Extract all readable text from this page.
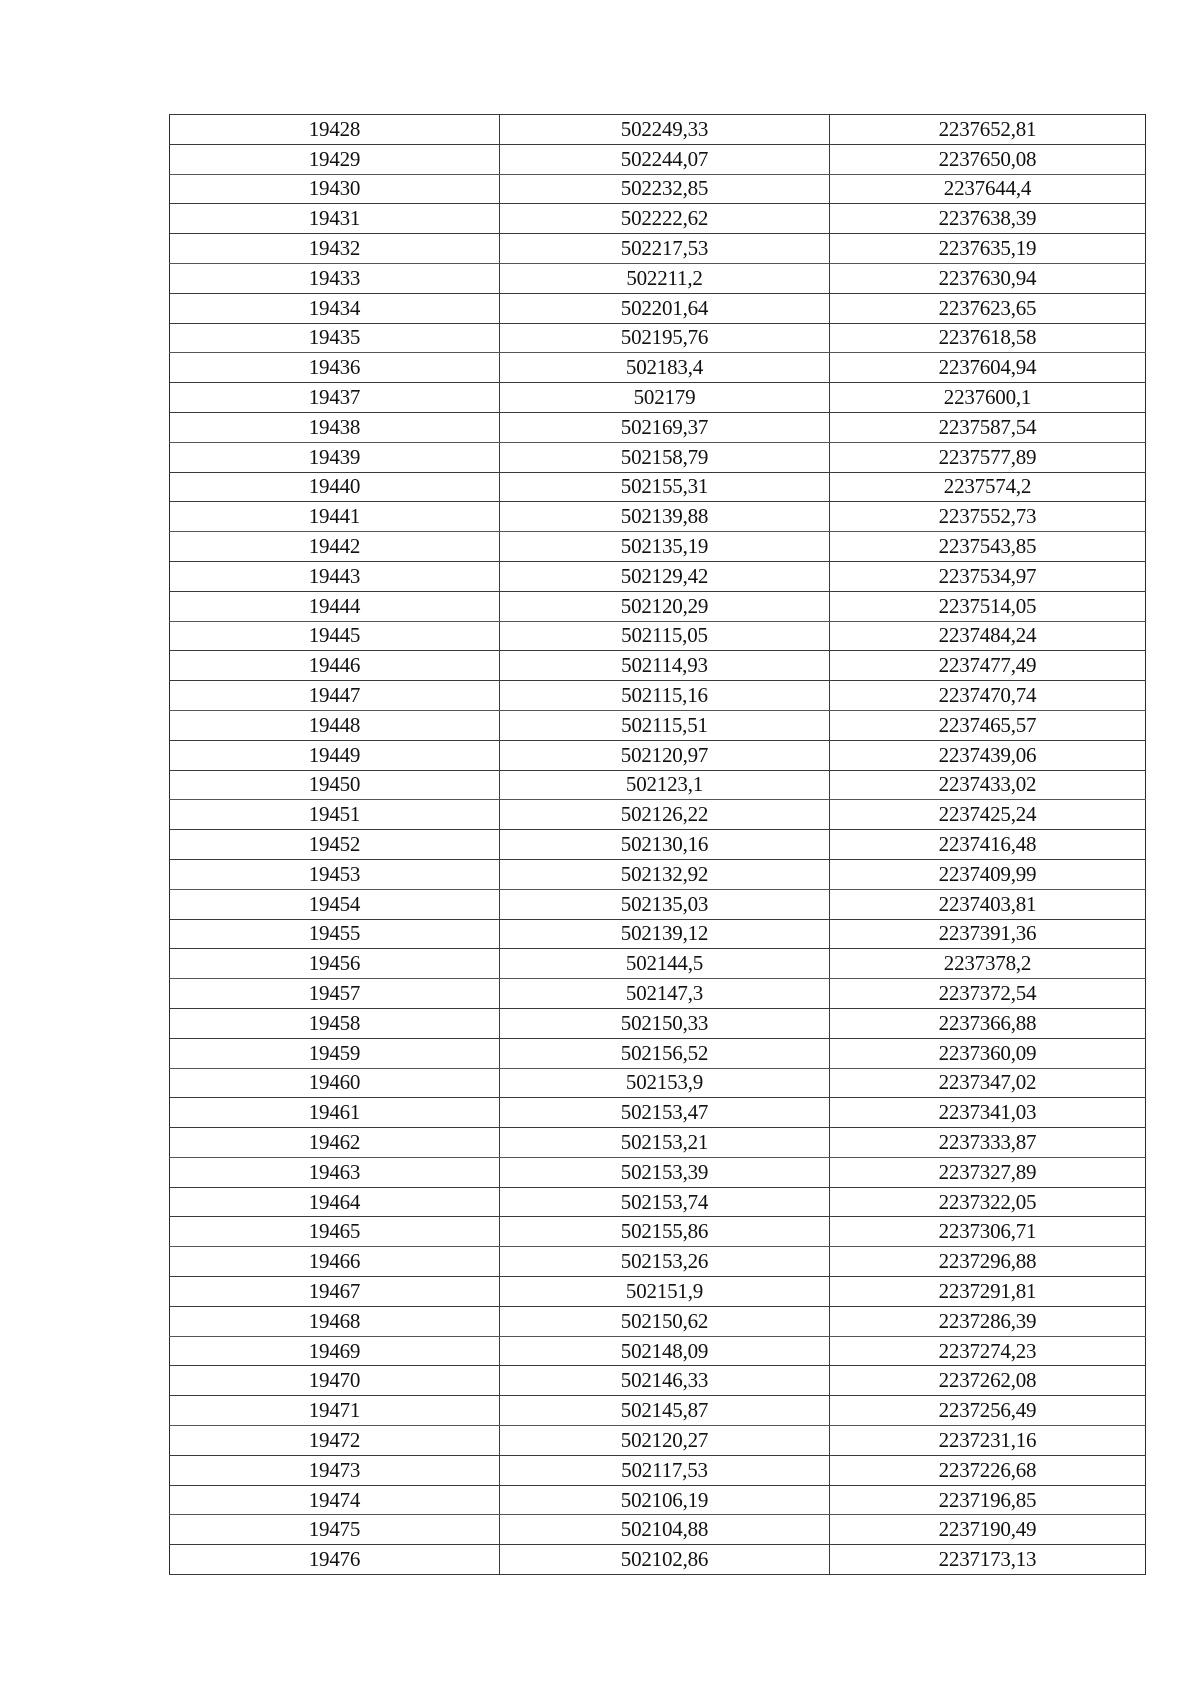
19428	502249,33	2237652,81
19429	502244,07	2237650,08
19430	502232,85	2237644,4
19431	502222,62	2237638,39
19432	502217,53	2237635,19
19433	502211,2	2237630,94
19434	502201,64	2237623,65
19435	502195,76	2237618,58
19436	502183,4	2237604,94
19437	502179	2237600,1
19438	502169,37	2237587,54
19439	502158,79	2237577,89
19440	502155,31	2237574,2
19441	502139,88	2237552,73
19442	502135,19	2237543,85
19443	502129,42	2237534,97
19444	502120,29	2237514,05
19445	502115,05	2237484,24
19446	502114,93	2237477,49
19447	502115,16	2237470,74
19448	502115,51	2237465,57
19449	502120,97	2237439,06
19450	502123,1	2237433,02
19451	502126,22	2237425,24
19452	502130,16	2237416,48
19453	502132,92	2237409,99
19454	502135,03	2237403,81
19455	502139,12	2237391,36
19456	502144,5	2237378,2
19457	502147,3	2237372,54
19458	502150,33	2237366,88
19459	502156,52	2237360,09
19460	502153,9	2237347,02
19461	502153,47	2237341,03
19462	502153,21	2237333,87
19463	502153,39	2237327,89
19464	502153,74	2237322,05
19465	502155,86	2237306,71
19466	502153,26	2237296,88
19467	502151,9	2237291,81
19468	502150,62	2237286,39
19469	502148,09	2237274,23
19470	502146,33	2237262,08
19471	502145,87	2237256,49
19472	502120,27	2237231,16
19473	502117,53	2237226,68
19474	502106,19	2237196,85
19475	502104,88	2237190,49
19476	502102,86	2237173,13
